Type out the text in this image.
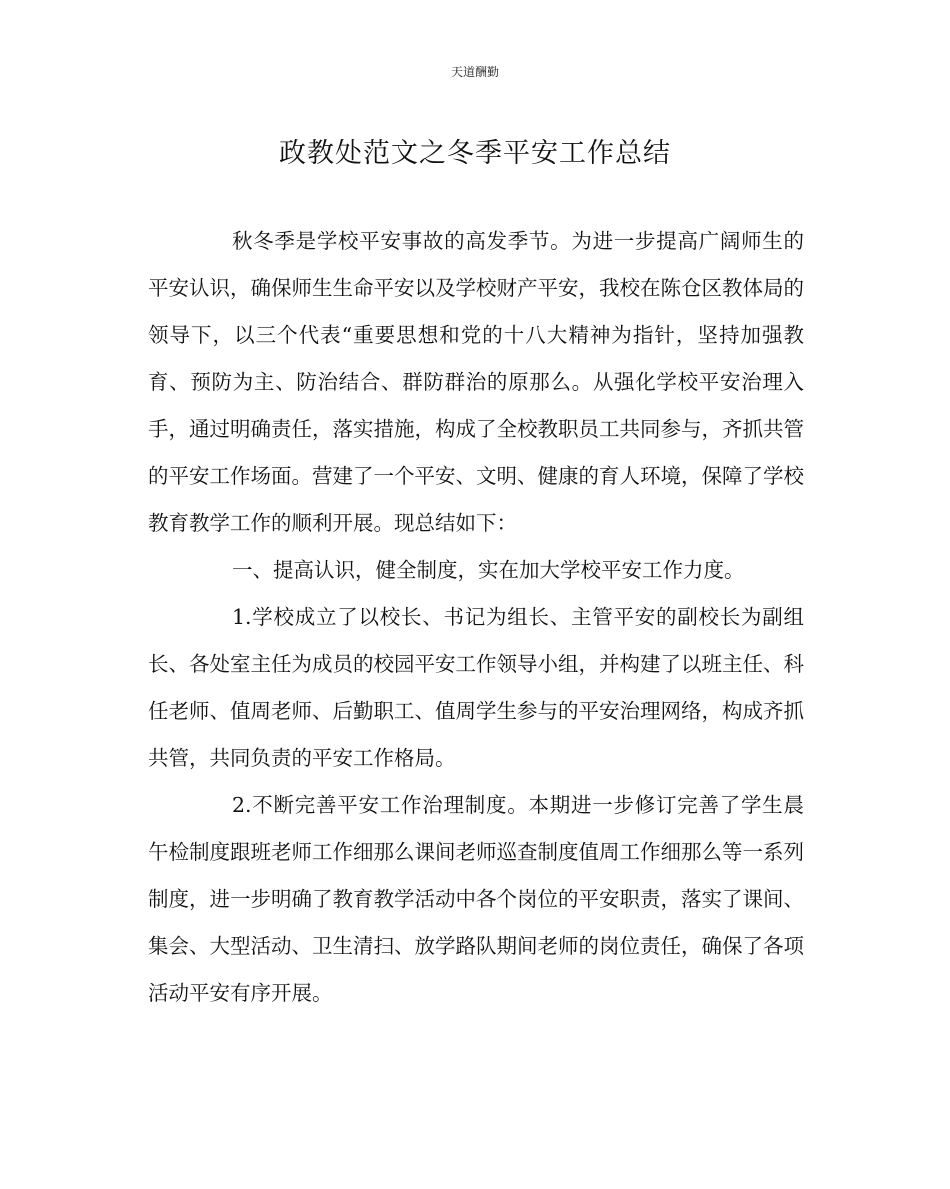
天道酬勤
政教处范文之冬季平安工作总结

秋冬季是学校平安事故的高发季节。为进一步提高广阔师生的平安认识，确保师生生命平安以及学校财产平安，我校在陈仓区教体局的领导下，以三个代表“重要思想和党的十八大精神为指针，坚持加强教育、预防为主、防治结合、群防群治的原那么。从强化学校平安治理入手，通过明确责任，落实措施，构成了全校教职员工共同参与，齐抓共管的平安工作场面。营建了一个平安、文明、健康的育人环境，保障了学校教育教学工作的顺利开展。现总结如下：

一、提高认识，健全制度，实在加大学校平安工作力度。

1.学校成立了以校长、书记为组长、主管平安的副校长为副组长、各处室主任为成员的校园平安工作领导小组，并构建了以班主任、科任老师、值周老师、后勤职工、值周学生参与的平安治理网络，构成齐抓共管，共同负责的平安工作格局。

2.不断完善平安工作治理制度。本期进一步修订完善了学生晨午检制度跟班老师工作细那么课间老师巡查制度值周工作细那么等一系列制度，进一步明确了教育教学活动中各个岗位的平安职责，落实了课间、集会、大型活动、卫生清扫、放学路队期间老师的岗位责任，确保了各项活动平安有序开展。
